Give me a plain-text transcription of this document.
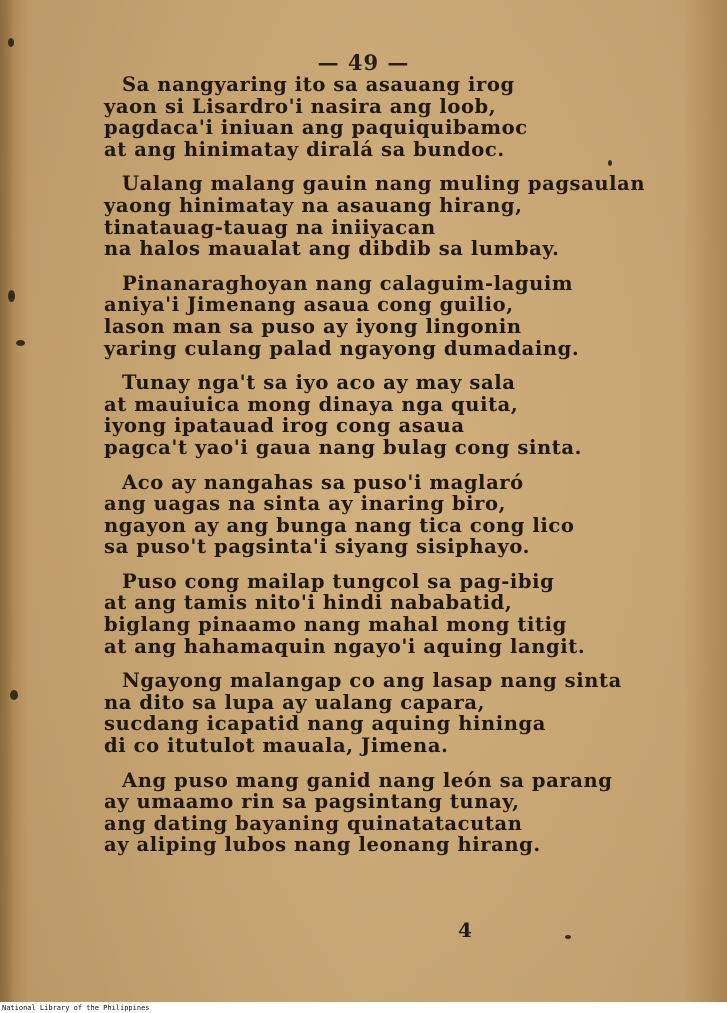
— 49 —
Sa nangyaring ito sa asauang irog
yaon si Lisardro'i nasira ang loob,
pagdaca'i iniuan ang paquiquibamoc
at ang hinimatay diralá sa bundoc.
Ualang malang gauin nang muling pagsaulan
yaong hinimatay na asauang hirang,
tinatauag-tauag na iniiyacan
na halos maualat ang dibdib sa lumbay.
Pinanaraghoyan nang calaguim-laguim
aniya'i Jimenang asaua cong guilio,
lason man sa puso ay iyong lingonin
yaring culang palad ngayong dumadaing.
Tunay nga't sa iyo aco ay may sala
at mauiuica mong dinaya nga quita,
iyong ipatauad irog cong asaua
pagca't yao'i gaua nang bulag cong sinta.
Aco ay nangahas sa puso'i maglaró
ang uagas na sinta ay inaring biro,
ngayon ay ang bunga nang tica cong lico
sa puso't pagsinta'i siyang sisiphayo.
Puso cong mailap tungcol sa pag-ibig
at ang tamis nito'i hindi nababatid,
biglang pinaamo nang mahal mong titig
at ang hahamaquin ngayo'i aquing langit.
Ngayong malangap co ang lasap nang sinta
na dito sa lupa ay ualang capara,
sucdang icapatid nang aquing hininga
di co itutulot mauala, Jimena.
Ang puso mang ganid nang león sa parang
ay umaamo rin sa pagsintang tunay,
ang dating bayaning quinatatacutan
ay aliping lubos nang leonang hirang.
4
National Library of the Philippines
